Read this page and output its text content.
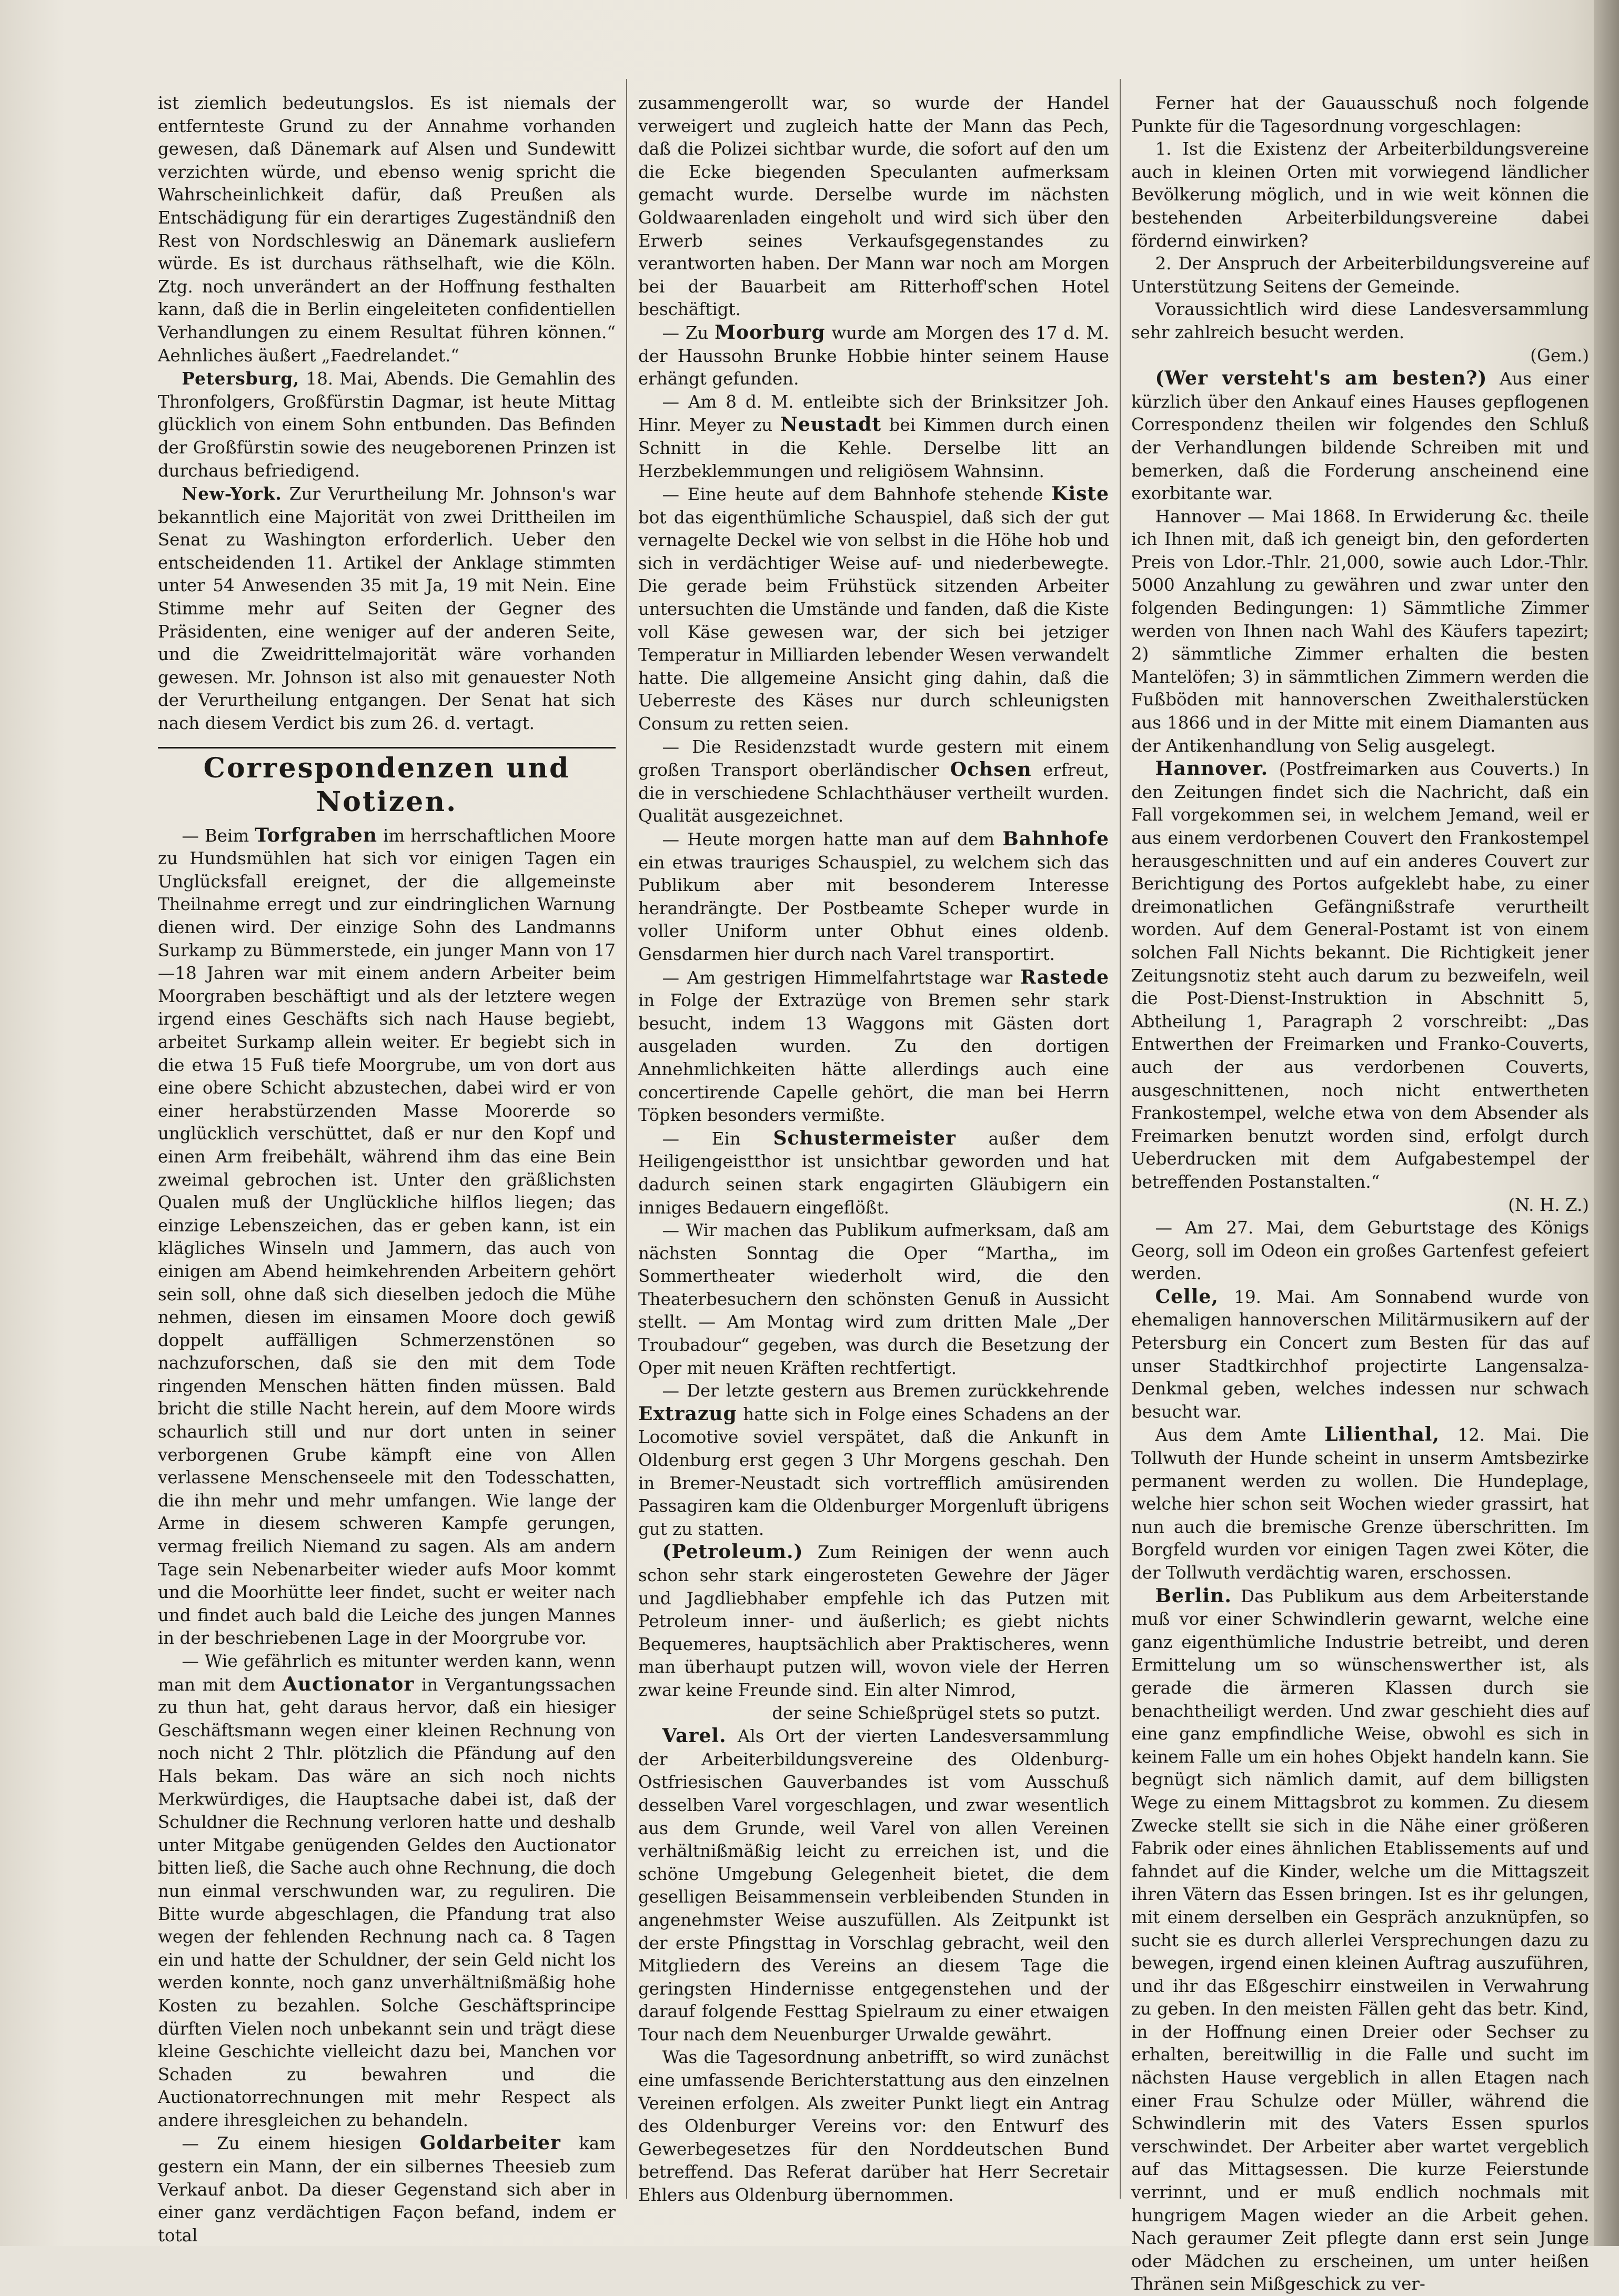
ist ziemlich bedeutungslos. Es ist niemals der entfernteste Grund zu der Annahme vorhanden gewesen, daß Dänemark auf Alsen und Sundewitt verzichten würde, und ebenso wenig spricht die Wahrscheinlichkeit dafür, daß Preußen als Entschädigung für ein derartiges Zugeständniß den Rest von Nordschleswig an Dänemark ausliefern würde. Es ist durchaus räthselhaft, wie die Köln. Ztg. noch unverändert an der Hoffnung festhalten kann, daß die in Berlin eingeleiteten confidentiellen Verhandlungen zu einem Resultat führen können.“ Aehnliches äußert „Faedrelandet.“

Petersburg, 18. Mai, Abends. Die Gemahlin des Thronfolgers, Großfürstin Dagmar, ist heute Mittag glücklich von einem Sohn entbunden. Das Befinden der Großfürstin sowie des neugeborenen Prinzen ist durchaus befriedigend.

New-York. Zur Verurtheilung Mr. Johnson's war bekanntlich eine Majorität von zwei Drittheilen im Senat zu Washington erforderlich. Ueber den entscheidenden 11. Artikel der Anklage stimmten unter 54 Anwesenden 35 mit Ja, 19 mit Nein. Eine Stimme mehr auf Seiten der Gegner des Präsidenten, eine weniger auf der anderen Seite, und die Zweidrittelmajorität wäre vorhanden gewesen. Mr. Johnson ist also mit genauester Noth der Verurtheilung entgangen. Der Senat hat sich nach diesem Verdict bis zum 26. d. vertagt.

Correspondenzen und Notizen.

— Beim Torfgraben im herrschaftlichen Moore zu Hundsmühlen hat sich vor einigen Tagen ein Unglücksfall ereignet, der die allgemeinste Theilnahme erregt und zur eindringlichen Warnung dienen wird. Der einzige Sohn des Landmanns Surkamp zu Bümmerstede, ein junger Mann von 17—18 Jahren war mit einem andern Arbeiter beim Moorgraben beschäftigt und als der letztere wegen irgend eines Geschäfts sich nach Hause begiebt, arbeitet Surkamp allein weiter. Er begiebt sich in die etwa 15 Fuß tiefe Moorgrube, um von dort aus eine obere Schicht abzustechen, dabei wird er von einer herabstürzenden Masse Moorerde so unglücklich verschüttet, daß er nur den Kopf und einen Arm freibehält, während ihm das eine Bein zweimal gebrochen ist. Unter den gräßlichsten Qualen muß der Unglückliche hilflos liegen; das einzige Lebenszeichen, das er geben kann, ist ein klägliches Winseln und Jammern, das auch von einigen am Abend heimkehrenden Arbeitern gehört sein soll, ohne daß sich dieselben jedoch die Mühe nehmen, diesen im einsamen Moore doch gewiß doppelt auffälligen Schmerzenstönen so nachzuforschen, daß sie den mit dem Tode ringenden Menschen hätten finden müssen. Bald bricht die stille Nacht herein, auf dem Moore wirds schaurlich still und nur dort unten in seiner verborgenen Grube kämpft eine von Allen verlassene Menschenseele mit den Todesschatten, die ihn mehr und mehr umfangen. Wie lange der Arme in diesem schweren Kampfe gerungen, vermag freilich Niemand zu sagen. Als am andern Tage sein Nebenarbeiter wieder aufs Moor kommt und die Moorhütte leer findet, sucht er weiter nach und findet auch bald die Leiche des jungen Mannes in der beschriebenen Lage in der Moorgrube vor.

— Wie gefährlich es mitunter werden kann, wenn man mit dem Auctionator in Vergantungssachen zu thun hat, geht daraus hervor, daß ein hiesiger Geschäftsmann wegen einer kleinen Rechnung von noch nicht 2 Thlr. plötzlich die Pfändung auf den Hals bekam. Das wäre an sich noch nichts Merkwürdiges, die Hauptsache dabei ist, daß der Schuldner die Rechnung verloren hatte und deshalb unter Mitgabe genügenden Geldes den Auctionator bitten ließ, die Sache auch ohne Rechnung, die doch nun einmal verschwunden war, zu reguliren. Die Bitte wurde abgeschlagen, die Pfandung trat also wegen der fehlenden Rechnung nach ca. 8 Tagen ein und hatte der Schuldner, der sein Geld nicht los werden konnte, noch ganz unverhältnißmäßig hohe Kosten zu bezahlen. Solche Geschäftsprincipe dürften Vielen noch unbekannt sein und trägt diese kleine Geschichte vielleicht dazu bei, Manchen vor Schaden zu bewahren und die Auctionatorrechnungen mit mehr Respect als andere ihresgleichen zu behandeln.

— Zu einem hiesigen Goldarbeiter kam gestern ein Mann, der ein silbernes Theesieb zum Verkauf anbot. Da dieser Gegenstand sich aber in einer ganz verdächtigen Façon befand, indem er total

zusammengerollt war, so wurde der Handel verweigert und zugleich hatte der Mann das Pech, daß die Polizei sichtbar wurde, die sofort auf den um die Ecke biegenden Speculanten aufmerksam gemacht wurde. Derselbe wurde im nächsten Goldwaarenladen eingeholt und wird sich über den Erwerb seines Verkaufsgegenstandes zu verantworten haben. Der Mann war noch am Morgen bei der Bauarbeit am Ritterhoff'schen Hotel beschäftigt.

— Zu Moorburg wurde am Morgen des 17 d. M. der Haussohn Brunke Hobbie hinter seinem Hause erhängt gefunden.

— Am 8 d. M. entleibte sich der Brinksitzer Joh. Hinr. Meyer zu Neustadt bei Kimmen durch einen Schnitt in die Kehle. Derselbe litt an Herzbeklemmungen und religiösem Wahnsinn.

— Eine heute auf dem Bahnhofe stehende Kiste bot das eigenthümliche Schauspiel, daß sich der gut vernagelte Deckel wie von selbst in die Höhe hob und sich in verdächtiger Weise auf- und niederbewegte. Die gerade beim Frühstück sitzenden Arbeiter untersuchten die Umstände und fanden, daß die Kiste voll Käse gewesen war, der sich bei jetziger Temperatur in Milliarden lebender Wesen verwandelt hatte. Die allgemeine Ansicht ging dahin, daß die Ueberreste des Käses nur durch schleunigsten Consum zu retten seien.

— Die Residenzstadt wurde gestern mit einem großen Transport oberländischer Ochsen erfreut, die in verschiedene Schlachthäuser vertheilt wurden. Qualität ausgezeichnet.

— Heute morgen hatte man auf dem Bahnhofe ein etwas trauriges Schauspiel, zu welchem sich das Publikum aber mit besonderem Interesse herandrängte. Der Postbeamte Scheper wurde in voller Uniform unter Obhut eines oldenb. Gensdarmen hier durch nach Varel transportirt.

— Am gestrigen Himmelfahrtstage war Rastede in Folge der Extrazüge von Bremen sehr stark besucht, indem 13 Waggons mit Gästen dort ausgeladen wurden. Zu den dortigen Annehmlichkeiten hätte allerdings auch eine concertirende Capelle gehört, die man bei Herrn Töpken besonders vermißte.

— Ein Schustermeister außer dem Heiligengeistthor ist unsichtbar geworden und hat dadurch seinen stark engagirten Gläubigern ein inniges Bedauern eingeflößt.

— Wir machen das Publikum aufmerksam, daß am nächsten Sonntag die Oper “Martha„ im Sommertheater wiederholt wird, die den Theaterbesuchern den schönsten Genuß in Aussicht stellt. — Am Montag wird zum dritten Male „Der Troubadour“ gegeben, was durch die Besetzung der Oper mit neuen Kräften rechtfertigt.

— Der letzte gestern aus Bremen zurückkehrende Extrazug hatte sich in Folge eines Schadens an der Locomotive soviel verspätet, daß die Ankunft in Oldenburg erst gegen 3 Uhr Morgens geschah. Den in Bremer-Neustadt sich vortrefflich amüsirenden Passagiren kam die Oldenburger Morgenluft übrigens gut zu statten.

(Petroleum.) Zum Reinigen der wenn auch schon sehr stark eingerosteten Gewehre der Jäger und Jagdliebhaber empfehle ich das Putzen mit Petroleum inner- und äußerlich; es giebt nichts Bequemeres, hauptsächlich aber Praktischeres, wenn man überhaupt putzen will, wovon viele der Herren zwar keine Freunde sind. Ein alter Nimrod,

der seine Schießprügel stets so putzt.

Varel. Als Ort der vierten Landesversammlung der Arbeiterbildungsvereine des Oldenburg-Ostfriesischen Gauverbandes ist vom Ausschuß desselben Varel vorgeschlagen, und zwar wesentlich aus dem Grunde, weil Varel von allen Vereinen verhältnißmäßig leicht zu erreichen ist, und die schöne Umgebung Gelegenheit bietet, die dem geselligen Beisammensein verbleibenden Stunden in angenehmster Weise auszufüllen. Als Zeitpunkt ist der erste Pfingsttag in Vorschlag gebracht, weil den Mitgliedern des Vereins an diesem Tage die geringsten Hindernisse entgegenstehen und der darauf folgende Festtag Spielraum zu einer etwaigen Tour nach dem Neuenburger Urwalde gewährt.

Was die Tagesordnung anbetrifft, so wird zunächst eine umfassende Berichterstattung aus den einzelnen Vereinen erfolgen. Als zweiter Punkt liegt ein Antrag des Oldenburger Vereins vor: den Entwurf des Gewerbegesetzes für den Norddeutschen Bund betreffend. Das Referat darüber hat Herr Secretair Ehlers aus Oldenburg übernommen.

Ferner hat der Gauausschuß noch folgende Punkte für die Tagesordnung vorgeschlagen:

1. Ist die Existenz der Arbeiterbildungsvereine auch in kleinen Orten mit vorwiegend ländlicher Bevölkerung möglich, und in wie weit können die bestehenden Arbeiterbildungsvereine dabei fördernd einwirken?

2. Der Anspruch der Arbeiterbildungsvereine auf Unterstützung Seitens der Gemeinde.

Voraussichtlich wird diese Landesversammlung sehr zahlreich besucht werden.

(Gem.)

(Wer versteht's am besten?) Aus einer kürzlich über den Ankauf eines Hauses gepflogenen Correspondenz theilen wir folgendes den Schluß der Verhandlungen bildende Schreiben mit und bemerken, daß die Forderung anscheinend eine exorbitante war.

Hannover — Mai 1868. In Erwiderung &c. theile ich Ihnen mit, daß ich geneigt bin, den geforderten Preis von Ldor.-Thlr. 21,000, sowie auch Ldor.-Thlr. 5000 Anzahlung zu gewähren und zwar unter den folgenden Bedingungen: 1) Sämmtliche Zimmer werden von Ihnen nach Wahl des Käufers tapezirt; 2) sämmtliche Zimmer erhalten die besten Mantelöfen; 3) in sämmtlichen Zimmern werden die Fußböden mit hannoverschen Zweithalerstücken aus 1866 und in der Mitte mit einem Diamanten aus der Antikenhandlung von Selig ausgelegt.

Hannover. (Postfreimarken aus Couverts.) In den Zeitungen findet sich die Nachricht, daß ein Fall vorgekommen sei, in welchem Jemand, weil er aus einem verdorbenen Couvert den Frankostempel herausgeschnitten und auf ein anderes Couvert zur Berichtigung des Portos aufgeklebt habe, zu einer dreimonatlichen Gefängnißstrafe verurtheilt worden. Auf dem General-Postamt ist von einem solchen Fall Nichts bekannt. Die Richtigkeit jener Zeitungsnotiz steht auch darum zu bezweifeln, weil die Post-Dienst-Instruktion in Abschnitt 5, Abtheilung 1, Paragraph 2 vorschreibt: „Das Entwerthen der Freimarken und Franko-Couverts, auch der aus verdorbenen Couverts, ausgeschnittenen, noch nicht entwertheten Frankostempel, welche etwa von dem Absender als Freimarken benutzt worden sind, erfolgt durch Ueberdrucken mit dem Aufgabestempel der betreffenden Postanstalten.“

(N. H. Z.)

— Am 27. Mai, dem Geburtstage des Königs Georg, soll im Odeon ein großes Gartenfest gefeiert werden.

Celle, 19. Mai. Am Sonnabend wurde von ehemaligen hannoverschen Militärmusikern auf der Petersburg ein Concert zum Besten für das auf unser Stadtkirchhof projectirte Langensalza-Denkmal geben, welches indessen nur schwach besucht war.

Aus dem Amte Lilienthal, 12. Mai. Die Tollwuth der Hunde scheint in unserm Amtsbezirke permanent werden zu wollen. Die Hundeplage, welche hier schon seit Wochen wieder grassirt, hat nun auch die bremische Grenze überschritten. Im Borgfeld wurden vor einigen Tagen zwei Köter, die der Tollwuth verdächtig waren, erschossen.

Berlin. Das Publikum aus dem Arbeiterstande muß vor einer Schwindlerin gewarnt, welche eine ganz eigenthümliche Industrie betreibt, und deren Ermittelung um so wünschenswerther ist, als gerade die ärmeren Klassen durch sie benachtheiligt werden. Und zwar geschieht dies auf eine ganz empfindliche Weise, obwohl es sich in keinem Falle um ein hohes Objekt handeln kann. Sie begnügt sich nämlich damit, auf dem billigsten Wege zu einem Mittagsbrot zu kommen. Zu diesem Zwecke stellt sie sich in die Nähe einer größeren Fabrik oder eines ähnlichen Etablissements auf und fahndet auf die Kinder, welche um die Mittagszeit ihren Vätern das Essen bringen. Ist es ihr gelungen, mit einem derselben ein Gespräch anzuknüpfen, so sucht sie es durch allerlei Versprechungen dazu zu bewegen, irgend einen kleinen Auftrag auszuführen, und ihr das Eßgeschirr einstweilen in Verwahrung zu geben. In den meisten Fällen geht das betr. Kind, in der Hoffnung einen Dreier oder Sechser zu erhalten, bereitwillig in die Falle und sucht im nächsten Hause vergeblich in allen Etagen nach einer Frau Schulze oder Müller, während die Schwindlerin mit des Vaters Essen spurlos verschwindet. Der Arbeiter aber wartet vergeblich auf das Mittagsessen. Die kurze Feierstunde verrinnt, und er muß endlich nochmals mit hungrigem Magen wieder an die Arbeit gehen. Nach geraumer Zeit pflegte dann erst sein Junge oder Mädchen zu erscheinen, um unter heißen Thränen sein Mißgeschick zu ver-
